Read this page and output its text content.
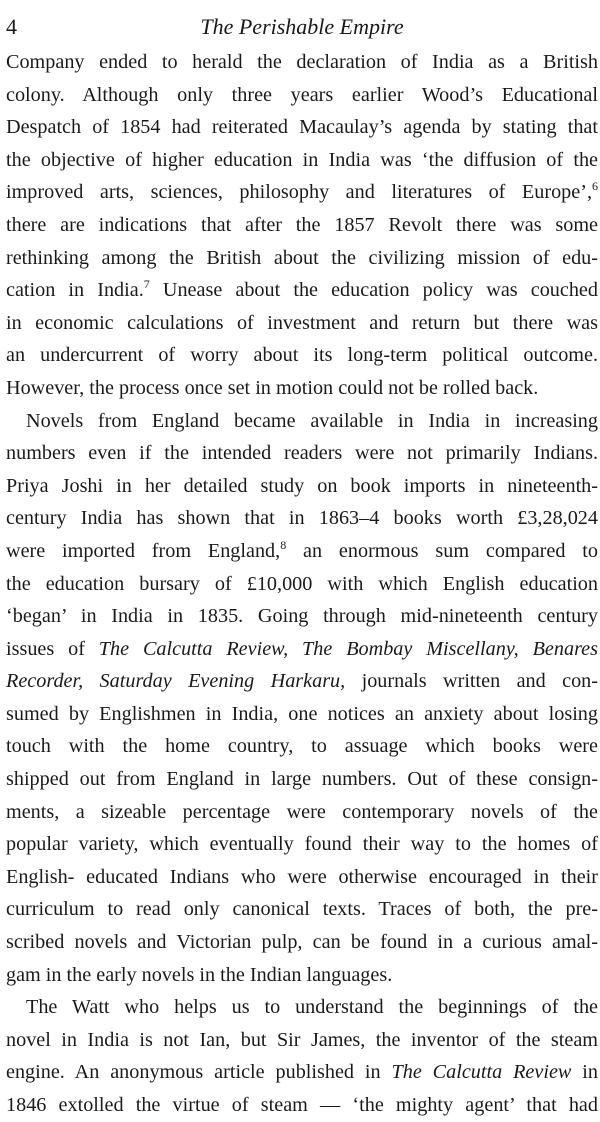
4	The Perishable Empire
Company ended to herald the declaration of India as a British
colony. Although only three years earlier Wood’s Educational
Despatch of 1854 had reiterated Macaulay’s agenda by stating that
the objective of higher education in India was ‘the diffusion of the
improved arts, sciences, philosophy and literatures of Europe’,$^6$
there are indications that after the 1857 Revolt there was some
rethinking among the British about the civilizing mission of edu-
cation in India.$^7$ Unease about the education policy was couched
in economic calculations of investment and return but there was
an undercurrent of worry about its long-term political outcome.
However, the process once set in motion could not be rolled back.
Novels from England became available in India in increasing
numbers even if the intended readers were not primarily Indians.
Priya Joshi in her detailed study on book imports in nineteenth-
century India has shown that in 1863–4 books worth £3,28,024
were imported from England,$^8$ an enormous sum compared to
the education bursary of £10,000 with which English education
‘began’ in India in 1835. Going through mid-nineteenth century
issues of The Calcutta Review, The Bombay Miscellany, Benares
Recorder, Saturday Evening Harkaru, journals written and con-
sumed by Englishmen in India, one notices an anxiety about losing
touch with the home country, to assuage which books were
shipped out from England in large numbers. Out of these consign-
ments, a sizeable percentage were contemporary novels of the
popular variety, which eventually found their way to the homes of
English- educated Indians who were otherwise encouraged in their
curriculum to read only canonical texts. Traces of both, the pre-
scribed novels and Victorian pulp, can be found in a curious amal-
gam in the early novels in the Indian languages.
The Watt who helps us to understand the beginnings of the
novel in India is not Ian, but Sir James, the inventor of the steam
engine. An anonymous article published in The Calcutta Review in
1846 extolled the virtue of steam — ‘the mighty agent’ that had
